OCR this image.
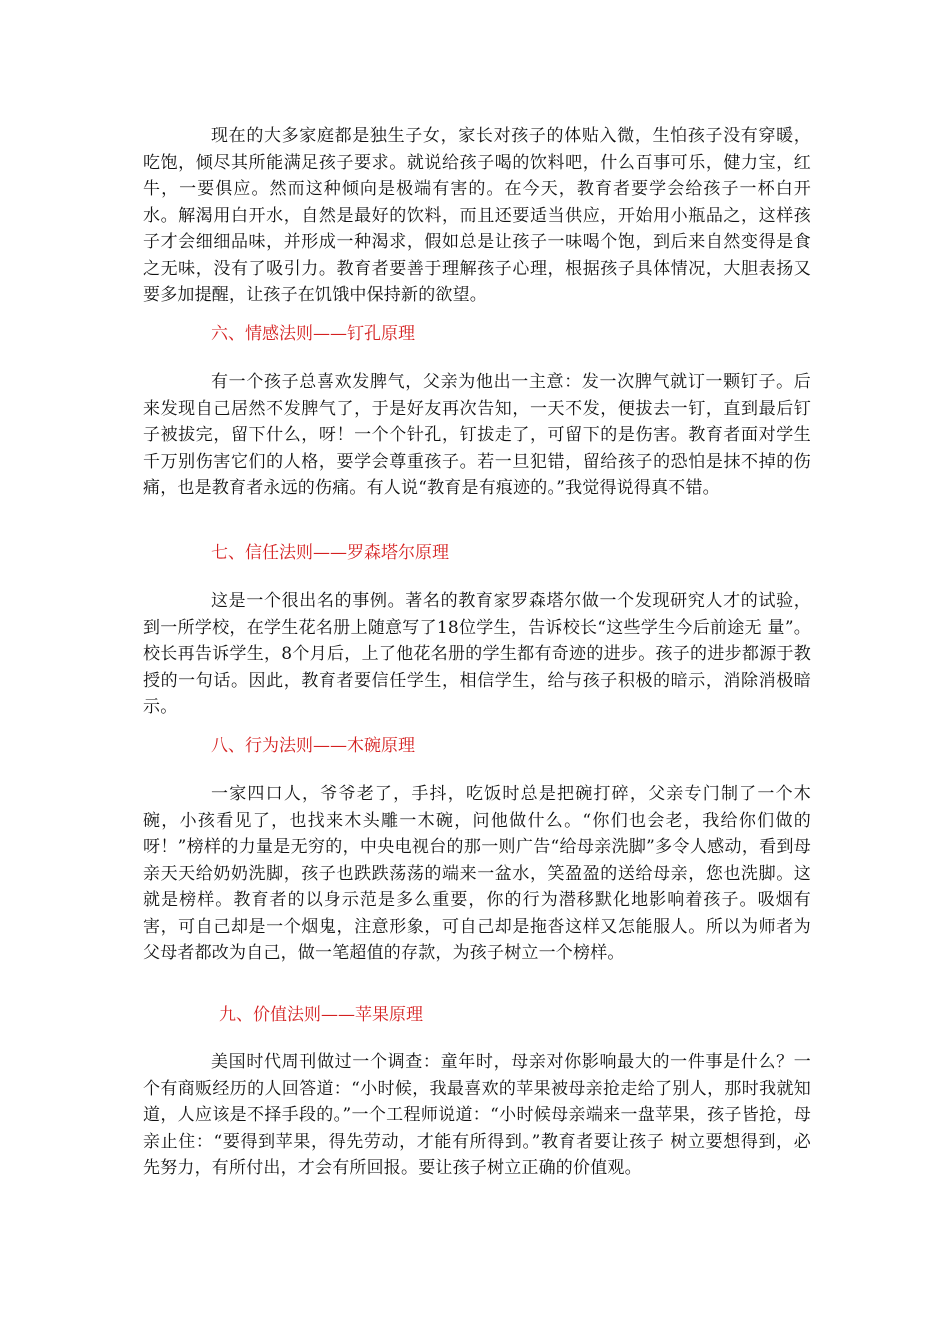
现在的大多家庭都是独生子女，家长对孩子的体贴入微，生怕孩子没有穿暖，吃饱，倾尽其所能满足孩子要求。就说给孩子喝的饮料吧，什么百事可乐，健力宝，红牛，一要俱应。然而这种倾向是极端有害的。在今天，教育者要学会给孩子一杯白开水。解渴用白开水，自然是最好的饮料，而且还要适当供应，开始用小瓶品之，这样孩子才会细细品味，并形成一种渴求，假如总是让孩子一味喝个饱，到后来自然变得是食之无味，没有了吸引力。教育者要善于理解孩子心理，根据孩子具体情况，大胆表扬又要多加提醒，让孩子在饥饿中保持新的欲望。

六、情感法则——钉孔原理

有一个孩子总喜欢发脾气，父亲为他出一主意：发一次脾气就订一颗钉子。后来发现自己居然不发脾气了，于是好友再次告知，一天不发，便拔去一钉，直到最后钉子被拔完，留下什么，呀！一个个针孔，钉拔走了，可留下的是伤害。教育者面对学生千万别伤害它们的人格，要学会尊重孩子。若一旦犯错，留给孩子的恐怕是抹不掉的伤痛，也是教育者永远的伤痛。有人说“教育是有痕迹的。”我觉得说得真不错。

七、信任法则——罗森塔尔原理

这是一个很出名的事例。著名的教育家罗森塔尔做一个发现研究人才的试验，到一所学校，在学生花名册上随意写了18位学生，告诉校长“这些学生今后前途无 量”。校长再告诉学生，8个月后，上了他花名册的学生都有奇迹的进步。孩子的进步都源于教授的一句话。因此，教育者要信任学生，相信学生，给与孩子积极的暗示，消除消极暗示。

八、行为法则——木碗原理

一家四口人，爷爷老了，手抖，吃饭时总是把碗打碎，父亲专门制了一个木碗，小孩看见了，也找来木头雕一木碗，问他做什么。“你们也会老，我给你们做的 呀！”榜样的力量是无穷的，中央电视台的那一则广告“给母亲洗脚”多令人感动，看到母亲天天给奶奶洗脚，孩子也跌跌荡荡的端来一盆水，笑盈盈的送给母亲，您也洗脚。这就是榜样。教育者的以身示范是多么重要，你的行为潜移默化地影响着孩子。吸烟有害，可自己却是一个烟鬼，注意形象，可自己却是拖沓这样又怎能服人。所以为师者为父母者都改为自己，做一笔超值的存款，为孩子树立一个榜样。

九、价值法则——苹果原理

美国时代周刊做过一个调查：童年时，母亲对你影响最大的一件事是什么？一个有商贩经历的人回答道：“小时候，我最喜欢的苹果被母亲抢走给了别人，那时我就知道，人应该是不择手段的。”一个工程师说道：“小时候母亲端来一盘苹果，孩子皆抢，母亲止住：“要得到苹果，得先劳动，才能有所得到。”教育者要让孩子 树立要想得到，必先努力，有所付出，才会有所回报。要让孩子树立正确的价值观。
